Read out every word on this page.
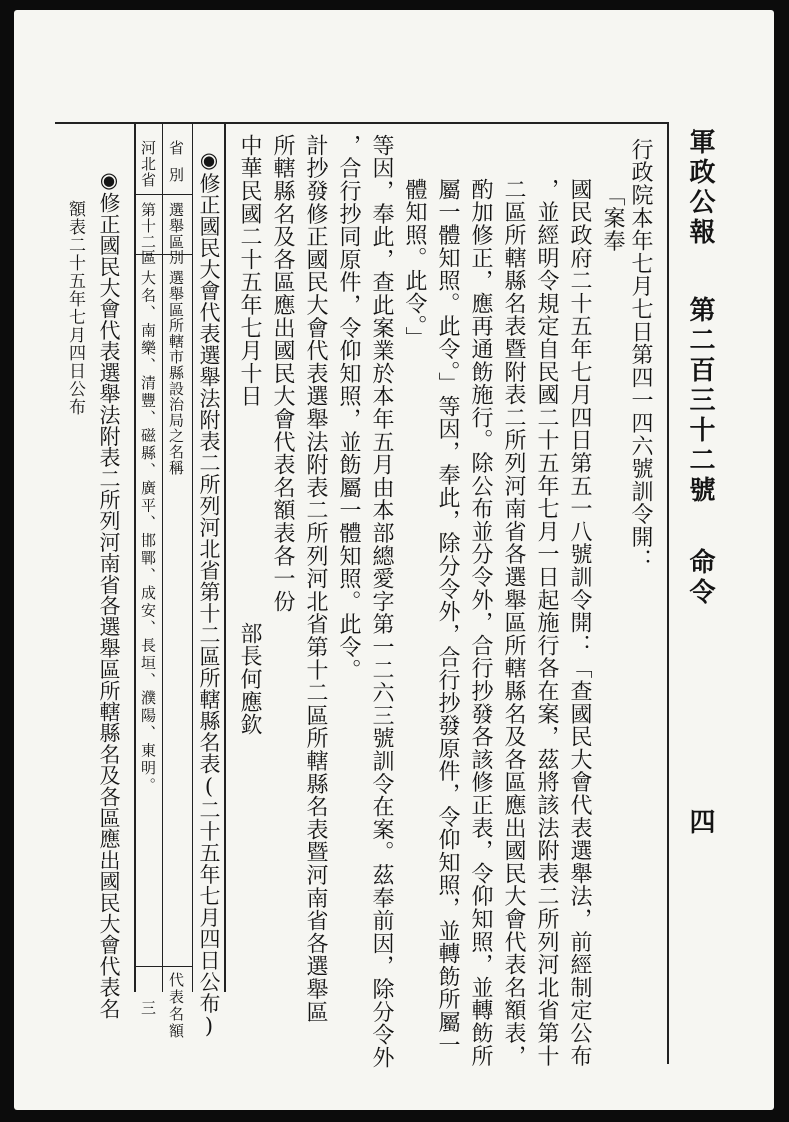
軍政公報
第二百三十二號
命令
四
行政院本年七月七日第四一四六號訓令開：
「案奉
國民政府二十五年七月四日第五一八號訓令開：「查國民大會代表選舉法，前經制定公布
，並經明令規定自民國二十五年七月一日起施行各在案，茲將該法附表二所列河北省第十
二區所轄縣名表暨附表二所列河南省各選舉區所轄縣名及各區應出國民大會代表名額表，
酌加修正，應再通飭施行。除公布並分令外，合行抄發各該修正表，令仰知照，並轉飭所
屬一體知照。此令。」等因，奉此，除分令外，合行抄發原件，令仰知照，並轉飭所屬一
體知照。此令。」
等因，奉此，查此案業於本年五月由本部總愛字第一二六三號訓令在案。茲奉前因，除分令外
，合行抄同原件，令仰知照，並飭屬一體知照。此令。
計抄發修正國民大會代表選舉法附表二所列河北省第十二區所轄縣名表暨河南省各選舉區
所轄縣名及各區應出國民大會代表名額表各一份
中華民國二十五年七月十日
部長何應欽
◉修正國民大會代表選舉法附表二所列河北省第十二區所轄縣名表(二十五年七月四日公布)
省別
選舉區別
選舉區所轄市縣設治局之名稱
代表名額
河北省
第十二區
大名、南樂、清豐、磁縣、廣平、邯鄲、成安、長垣、濮陽、東明。
三
◉修正國民大會代表選舉法附表二所列河南省各選舉區所轄縣名及各區應出國民大會代表名
額表二十五年七月四日公布
